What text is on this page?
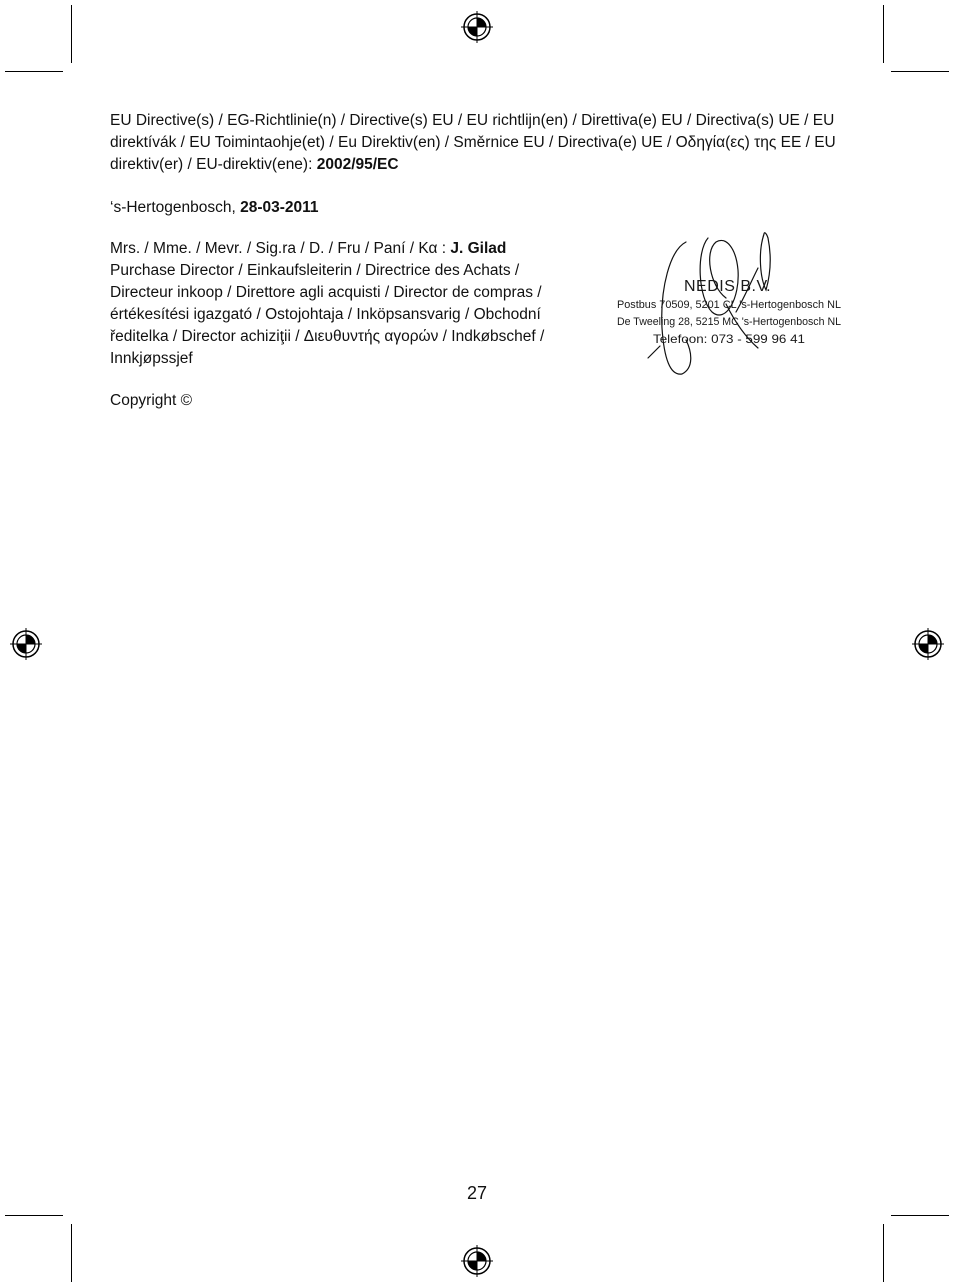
EU Directive(s) / EG-Richtlinie(n) / Directive(s) EU / EU richtlijn(en) / Direttiva(e) EU / Directiva(s) UE / EU direktívák / EU Toimintaohje(et) / Eu Direktiv(en) / Směrnice EU / Directiva(e) UE / Οδηγία(ες) της EE / EU direktiv(er) / EU-direktiv(ene): 2002/95/EC
‘s-Hertogenbosch, 28-03-2011
Mrs. / Mme. / Mevr. / Sig.ra / D. / Fru / Paní / Κα : J. Gilad
Purchase Director / Einkaufsleiterin / Directrice des Achats / Directeur inkoop / Direttore agli acquisti / Director de compras / értékesítési igazgató / Ostojohtaja / Inköpsansvarig / Obchodní ředitelka / Director achiziţii / Διευθυντής αγορών / Indkøbschef / Innkjøpssjef
NEDIS B.V.
Postbus 70509, 5201 CL 's-Hertogenbosch NL
De Tweeling 28, 5215 MC 's-Hertogenbosch NL
Telefoon: 073 - 599 96 41
Copyright ©
27
